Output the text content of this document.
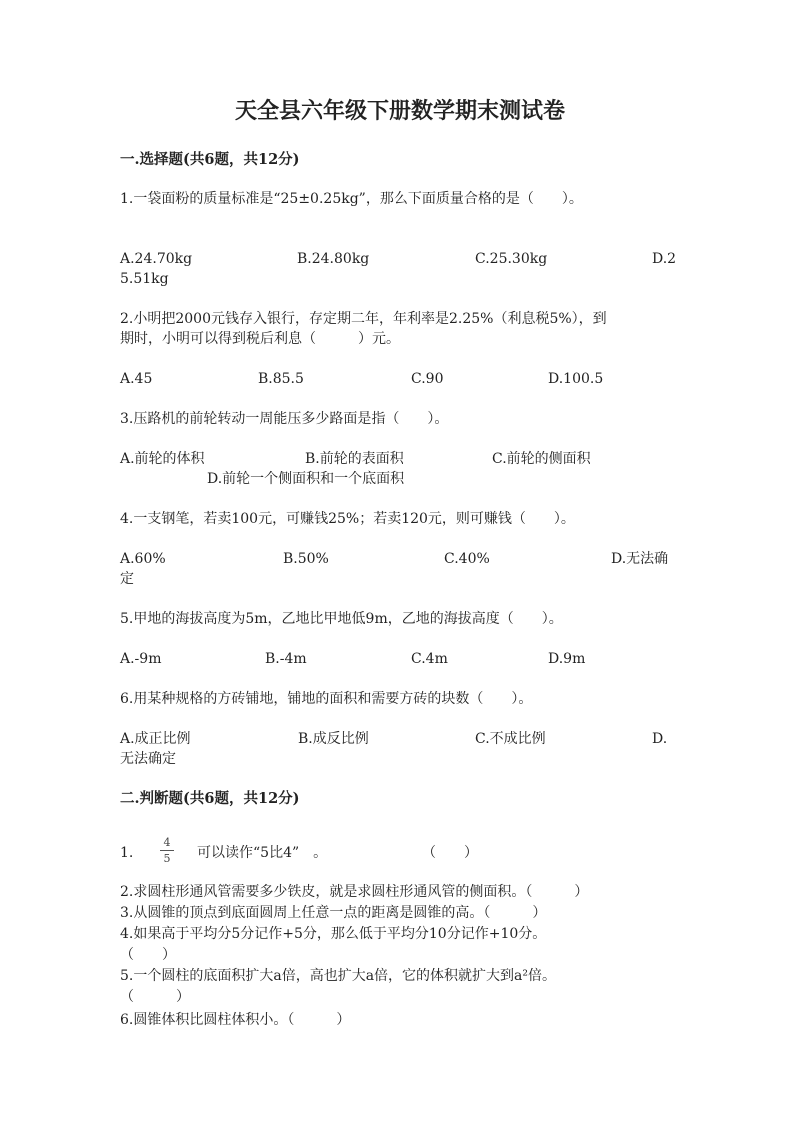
天全县六年级下册数学期末测试卷
一.选择题(共6题，共12分)
1.一袋面粉的质量标准是“25±0.25kg”，那么下面质量合格的是（　　）。
A.24.70kg	B.24.80kg	C.25.30kg	D.2
5.51kg
2.小明把2000元钱存入银行，存定期二年，年利率是2.25%（利息税5%），到
期时，小明可以得到税后利息（　　　）元。
A.45	B.85.5	C.90	D.100.5
3.压路机的前轮转动一周能压多少路面是指（　　）。
A.前轮的体积	B.前轮的表面积	C.前轮的侧面积
D.前轮一个侧面积和一个底面积
4.一支钢笔，若卖100元，可赚钱25%；若卖120元，则可赚钱（　　）。
A.60%	B.50%	C.40%	D.无法确
定
5.甲地的海拔高度为5m，乙地比甲地低9m，乙地的海拔高度（　　）。
A.-9m	B.-4m	C.4m	D.9m
6.用某种规格的方砖铺地，铺地的面积和需要方砖的块数（　　）。
A.成正比例	B.成反比例	C.不成比例	D.
无法确定
二.判断题(共6题，共12分)
1.
4
5 可以读作“5比4”　。	（　　）
2.求圆柱形通风管需要多少铁皮，就是求圆柱形通风管的侧面积。（　　　）
3.从圆锥的顶点到底面圆周上任意一点的距离是圆锥的高。（　　　）
4.如果高于平均分5分记作+5分，那么低于平均分10分记作+10分。
（　　）
5.一个圆柱的底面积扩大a倍，高也扩大a倍，它的体积就扩大到a²倍。
（　　　）
6.圆锥体积比圆柱体积小。（　　　）
